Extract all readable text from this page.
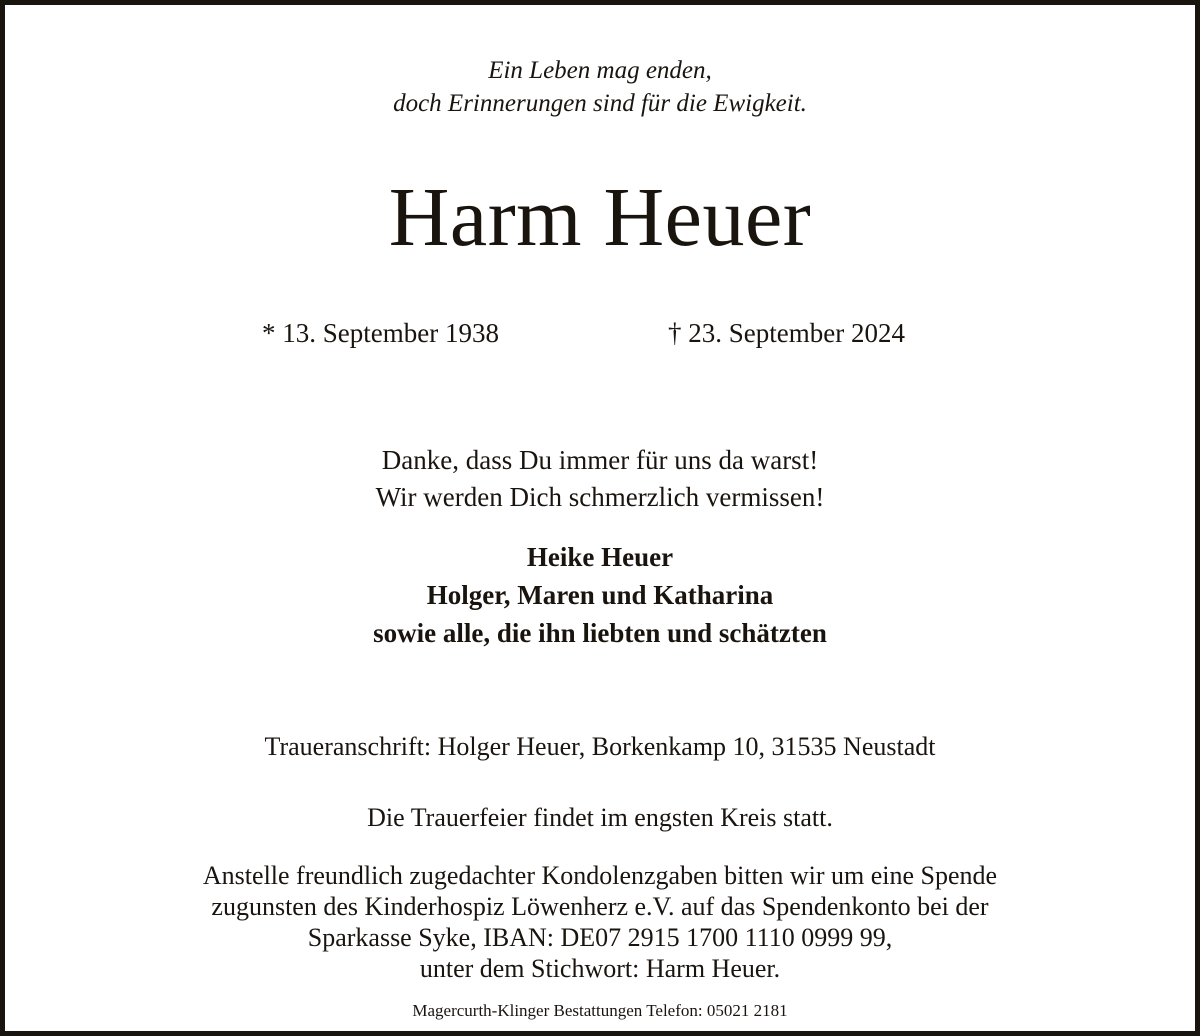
Ein Leben mag enden,
doch Erinnerungen sind für die Ewigkeit.
Harm Heuer
* 13. September 1938	† 23. September 2024
Danke, dass Du immer für uns da warst!
Wir werden Dich schmerzlich vermissen!
Heike Heuer
Holger, Maren und Katharina
sowie alle, die ihn liebten und schätzten
Traueranschrift: Holger Heuer, Borkenkamp 10, 31535 Neustadt
Die Trauerfeier findet im engsten Kreis statt.
Anstelle freundlich zugedachter Kondolenzgaben bitten wir um eine Spende
zugunsten des Kinderhospiz Löwenherz e.V. auf das Spendenkonto bei der
Sparkasse Syke, IBAN: DE07 2915 1700 1110 0999 99,
unter dem Stichwort: Harm Heuer.
Magercurth-Klinger Bestattungen Telefon: 05021 2181
